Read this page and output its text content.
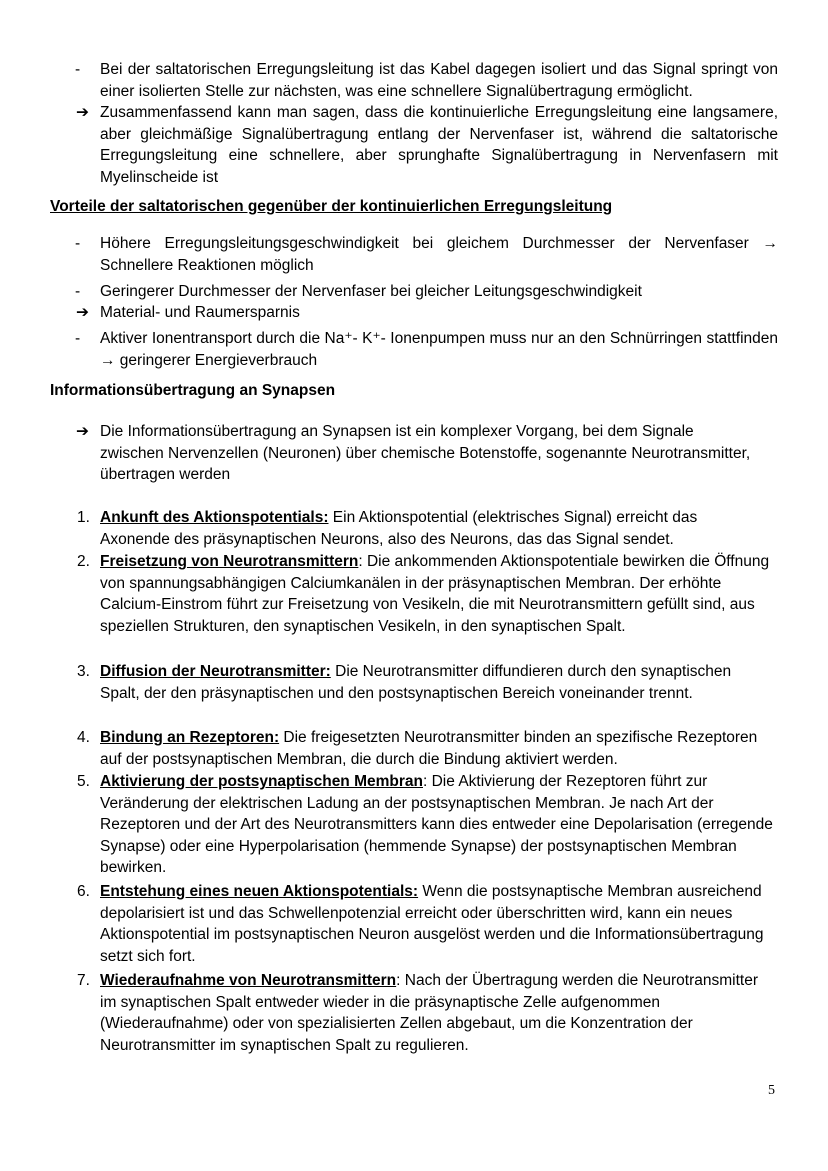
- Bei der saltatorischen Erregungsleitung ist das Kabel dagegen isoliert und das Signal springt von einer isolierten Stelle zur nächsten, was eine schnellere Signalübertragung ermöglicht.
➔ Zusammenfassend kann man sagen, dass die kontinuierliche Erregungsleitung eine langsamere, aber gleichmäßige Signalübertragung entlang der Nervenfaser ist, während die saltatorische Erregungsleitung eine schnellere, aber sprunghafte Signalübertragung in Nervenfasern mit Myelinscheide ist
Vorteile der saltatorischen gegenüber der kontinuierlichen Erregungsleitung
- Höhere Erregungsleitungsgeschwindigkeit bei gleichem Durchmesser der Nervenfaser → Schnellere Reaktionen möglich
- Geringerer Durchmesser der Nervenfaser bei gleicher Leitungsgeschwindigkeit
➔ Material- und Raumersparnis
- Aktiver Ionentransport durch die Na⁺- K⁺- Ionenpumpen muss nur an den Schnürringen stattfinden → geringerer Energieverbrauch
Informationsübertragung an Synapsen
➔ Die Informationsübertragung an Synapsen ist ein komplexer Vorgang, bei dem Signale zwischen Nervenzellen (Neuronen) über chemische Botenstoffe, sogenannte Neurotransmitter, übertragen werden
1. Ankunft des Aktionspotentials: Ein Aktionspotential (elektrisches Signal) erreicht das Axonende des präsynaptischen Neurons, also des Neurons, das das Signal sendet.
2. Freisetzung von Neurotransmittern: Die ankommenden Aktionspotentiale bewirken die Öffnung von spannungsabhängigen Calciumkanälen in der präsynaptischen Membran. Der erhöhte Calcium-Einstrom führt zur Freisetzung von Vesikeln, die mit Neurotransmittern gefüllt sind, aus speziellen Strukturen, den synaptischen Vesikeln, in den synaptischen Spalt.
3. Diffusion der Neurotransmitter: Die Neurotransmitter diffundieren durch den synaptischen Spalt, der den präsynaptischen und den postsynaptischen Bereich voneinander trennt.
4. Bindung an Rezeptoren: Die freigesetzten Neurotransmitter binden an spezifische Rezeptoren auf der postsynaptischen Membran, die durch die Bindung aktiviert werden.
5. Aktivierung der postsynaptischen Membran: Die Aktivierung der Rezeptoren führt zur Veränderung der elektrischen Ladung an der postsynaptischen Membran. Je nach Art der Rezeptoren und der Art des Neurotransmitters kann dies entweder eine Depolarisation (erregende Synapse) oder eine Hyperpolarisation (hemmende Synapse) der postsynaptischen Membran bewirken.
6. Entstehung eines neuen Aktionspotentials: Wenn die postsynaptische Membran ausreichend depolarisiert ist und das Schwellenpotenzial erreicht oder überschritten wird, kann ein neues Aktionspotential im postsynaptischen Neuron ausgelöst werden und die Informationsübertragung setzt sich fort.
7. Wiederaufnahme von Neurotransmittern: Nach der Übertragung werden die Neurotransmitter im synaptischen Spalt entweder wieder in die präsynaptische Zelle aufgenommen (Wiederaufnahme) oder von spezialisierten Zellen abgebaut, um die Konzentration der Neurotransmitter im synaptischen Spalt zu regulieren.
5
